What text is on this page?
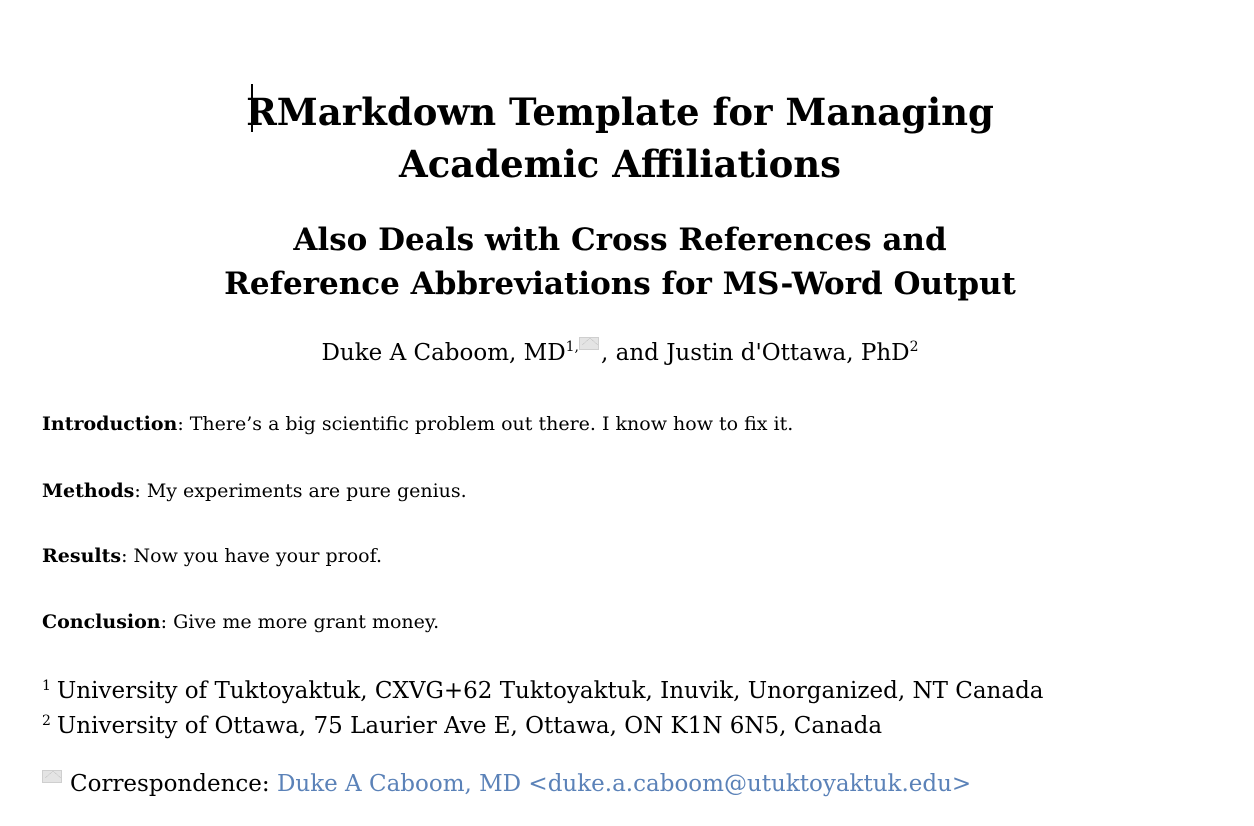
RMarkdown Template for Managing
Academic Affiliations
Also Deals with Cross References and
Reference Abbreviations for MS-Word Output
Duke A Caboom, $MD^{1,}$ , and Justin d'Ottawa, PhD$^2$
Introduction: There’s a big scientific problem out there. I know how to fix it.
Methods: My experiments are pure genius.
Results: Now you have your proof.
Conclusion: Give me more grant money.
$^1$ University of Tuktoyaktuk, CXVG+62 Tuktoyaktuk, Inuvik, Unorganized, NT Canada
$^2$ University of Ottawa, 75 Laurier Ave E, Ottawa, ON K1N 6N5, Canada
Correspondence: Duke A Caboom, MD <duke.a.caboom@utuktoyaktuk.edu>
